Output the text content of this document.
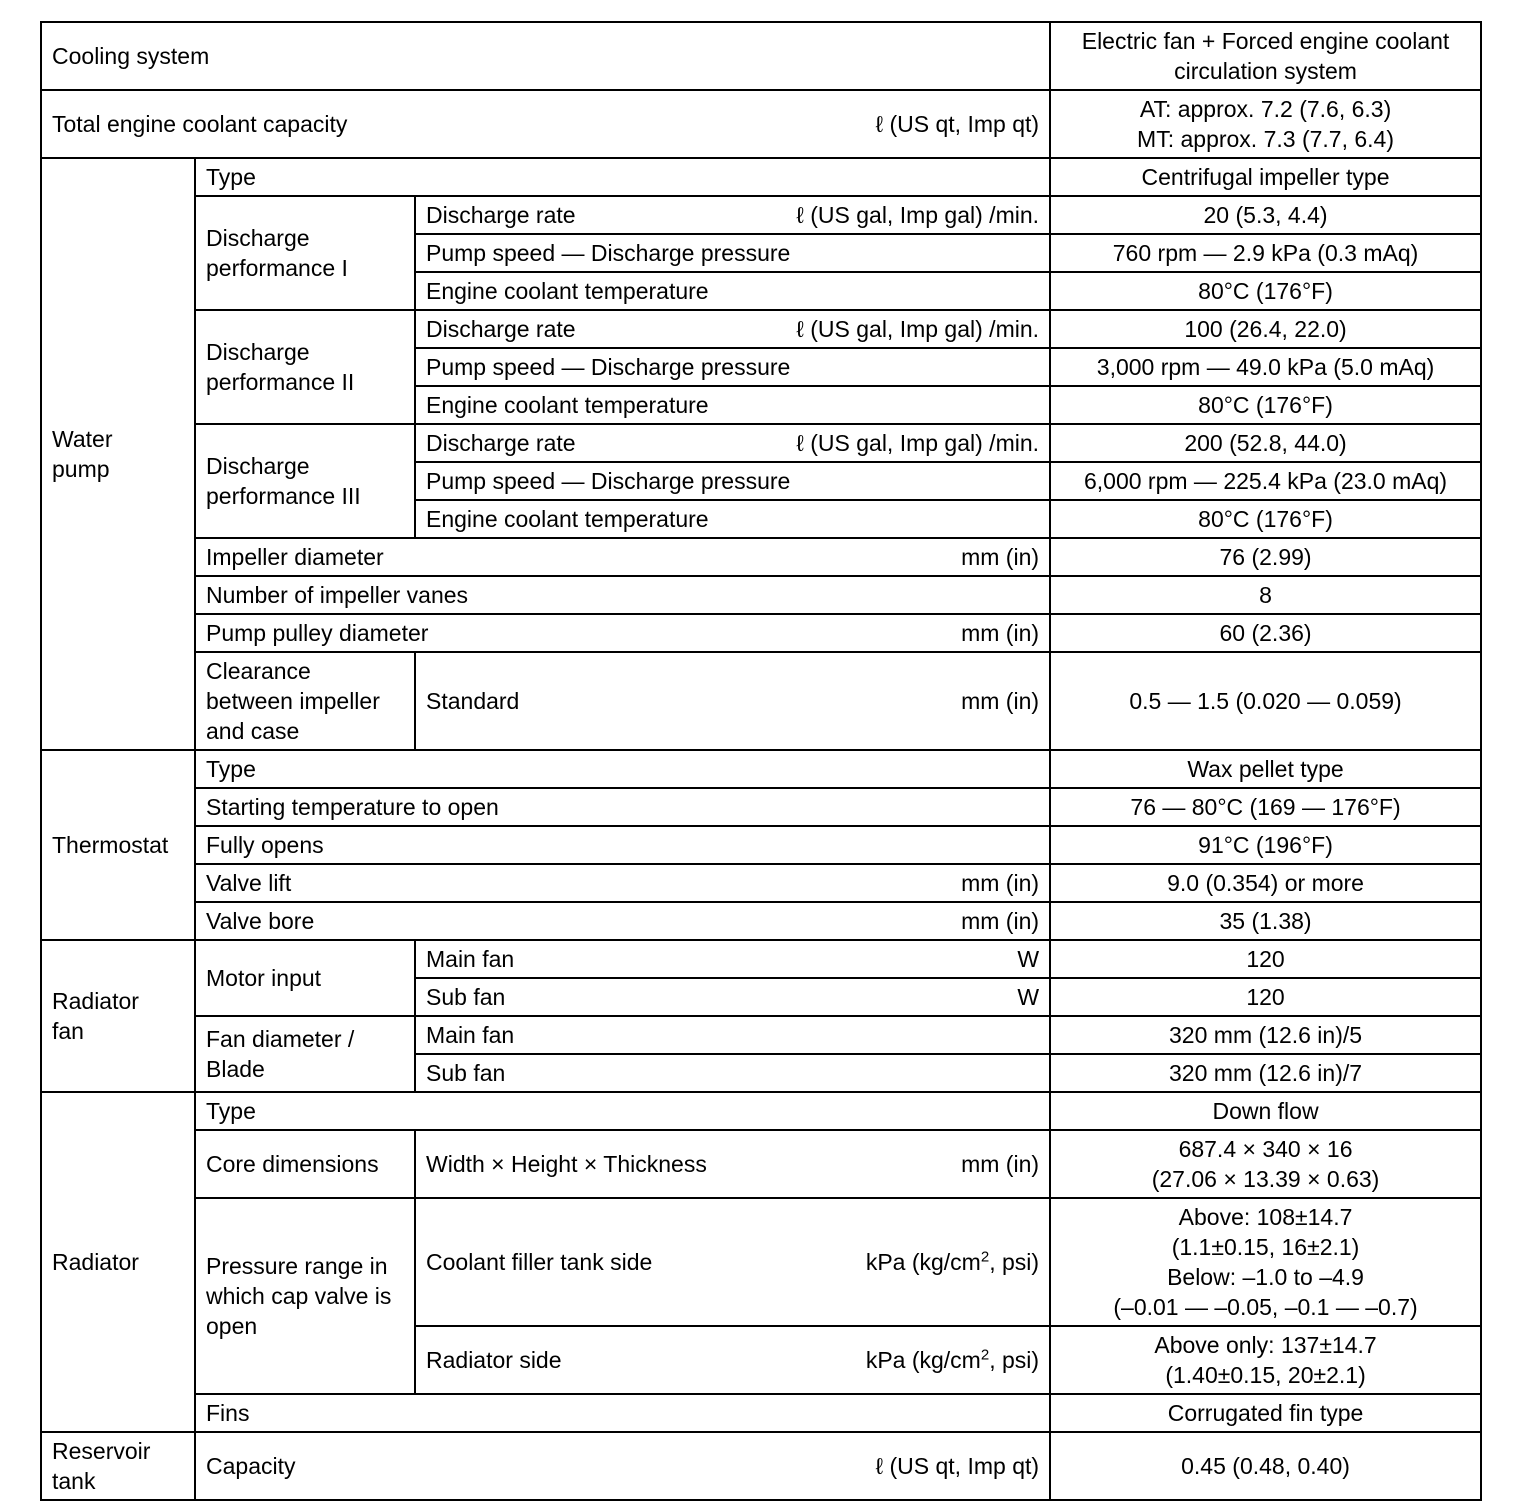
Cooling system			Electric fan + Forced engine coolant circulation system

Total engine coolant capacity ℓ (US qt, Imp qt)			AT: approx. 7.2 (7.6, 6.3)
MT: approx. 7.3 (7.7, 6.4)
Water
pump	Type		Centrifugal impeller type
	Discharge
performance I	Discharge rate ℓ (US gal, Imp gal) /min.	20 (5.3, 4.4)
		Pump speed — Discharge pressure	760 rpm — 2.9 kPa (0.3 mAq)
		Engine coolant temperature	80°C (176°F)
	Discharge
performance II	Discharge rate ℓ (US gal, Imp gal) /min.	100 (26.4, 22.0)
		Pump speed — Discharge pressure	3,000 rpm — 49.0 kPa (5.0 mAq)
		Engine coolant temperature	80°C (176°F)
	Discharge
performance III	Discharge rate ℓ (US gal, Imp gal) /min.	200 (52.8, 44.0)
		Pump speed — Discharge pressure	6,000 rpm — 225.4 kPa (23.0 mAq)
		Engine coolant temperature	80°C (176°F)

	Impeller diameter mm (in)		76 (2.99)
	Number of impeller vanes		8

	Pump pulley diameter mm (in)		60 (2.36)
	Clearance
between impeller
and case	Standard mm (in)	0.5 — 1.5 (0.020 — 0.059)
Thermostat	Type		Wax pellet type
	Starting temperature to open		76 — 80°C (169 — 176°F)
	Fully opens		91°C (196°F)

	Valve lift mm (in)		9.0 (0.354) or more

	Valve bore mm (in)		35 (1.38)
Radiator
fan	Motor input	Main fan W	120

		Sub fan W	120
	Fan diameter /
Blade	Main fan	320 mm (12.6 in)/5
		Sub fan	320 mm (12.6 in)/7
Radiator	Type		Down flow
	Core dimensions	Width × Height × Thickness mm (in)	687.4 × 340 × 16
(27.06 × 13.39 × 0.63)
	Pressure range in
which cap valve is
open	Coolant filler tank side kPa ($kg/cm^2$, psi)	Above: 108±14.7
(1.1±0.15, 16±2.1)
Below: –1.0 to –4.9
(–0.01 — –0.05, –0.1 — –0.7)

		Radiator side kPa ($kg/cm^2$, psi)	Above only: 137±14.7
(1.40±0.15, 20±2.1)
	Fins		Corrugated fin type
Reservoir
tank	Capacity ℓ (US qt, Imp qt)		0.45 (0.48, 0.40)
